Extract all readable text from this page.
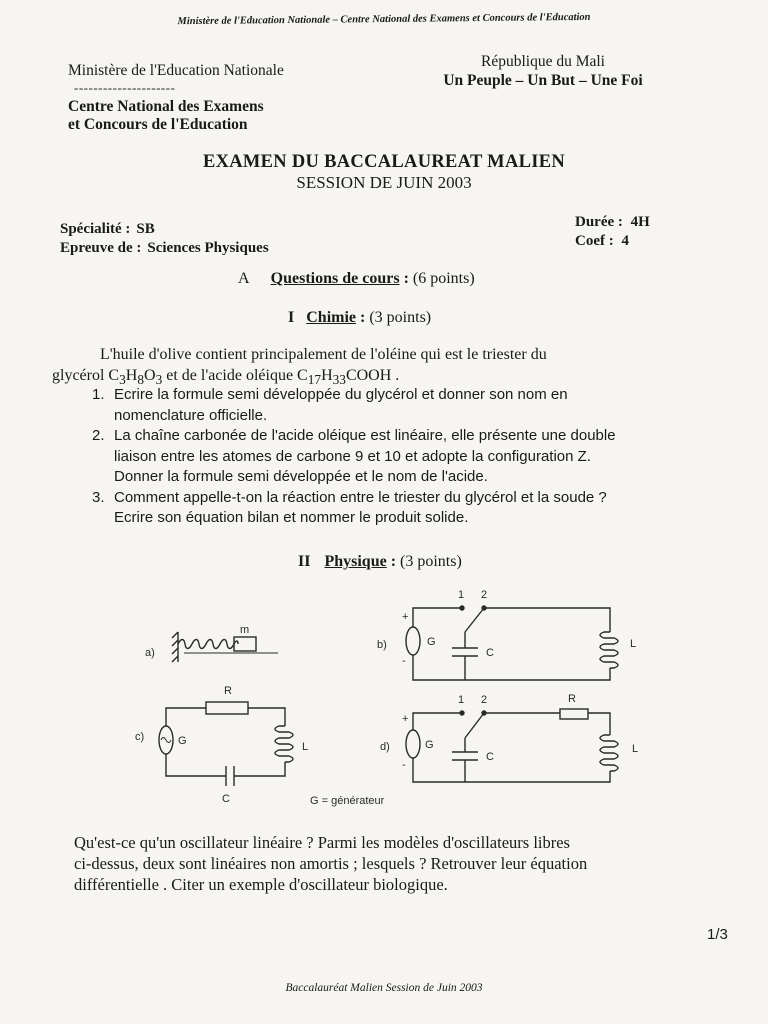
Ministère de l'Education Nationale – Centre National des Examens et Concours de l'Education
Ministère de l'Education Nationale
---------------------
Centre National des Examens
et Concours de l'Education
République du Mali
Un Peuple – Un But – Une Foi
EXAMEN DU BACCALAUREAT MALIEN
SESSION DE JUIN 2003
Spécialité : SB
Epreuve de : Sciences Physiques
Durée : 4H
Coef : 4
A Questions de cours : (6 points)
I Chimie : (3 points)
L'huile d'olive contient principalement de l'oléine qui est le triester du
glycérol $C_3H_8O_3$ et de l'acide oléique $C_{17}H_{33}COOH$ .
1. Ecrire la formule semi développée du glycérol et donner son nom en
nomenclature officielle.
2. La chaîne carbonée de l'acide oléique est linéaire, elle présente une double
liaison entre les atomes de carbone 9 et 10 et adopte la configuration Z.
Donner la formule semi développée et le nom de l'acide.
3. Comment appelle-t-on la réaction entre le triester du glycérol et la soude ?
Ecrire son équation bilan et nommer le produit solide.
II Physique : (3 points)
a)
m
b)
+
-
G
1 2
L
C
c)	G
R
L
C
d)
+
-
G
1 2	R
L
C
G = générateur
Qu'est-ce qu'un oscillateur linéaire ? Parmi les modèles d'oscillateurs libres
ci-dessus, deux sont linéaires non amortis ; lesquels ? Retrouver leur équation
différentielle . Citer un exemple d'oscillateur biologique.
1/3
Baccalauréat Malien Session de Juin 2003
